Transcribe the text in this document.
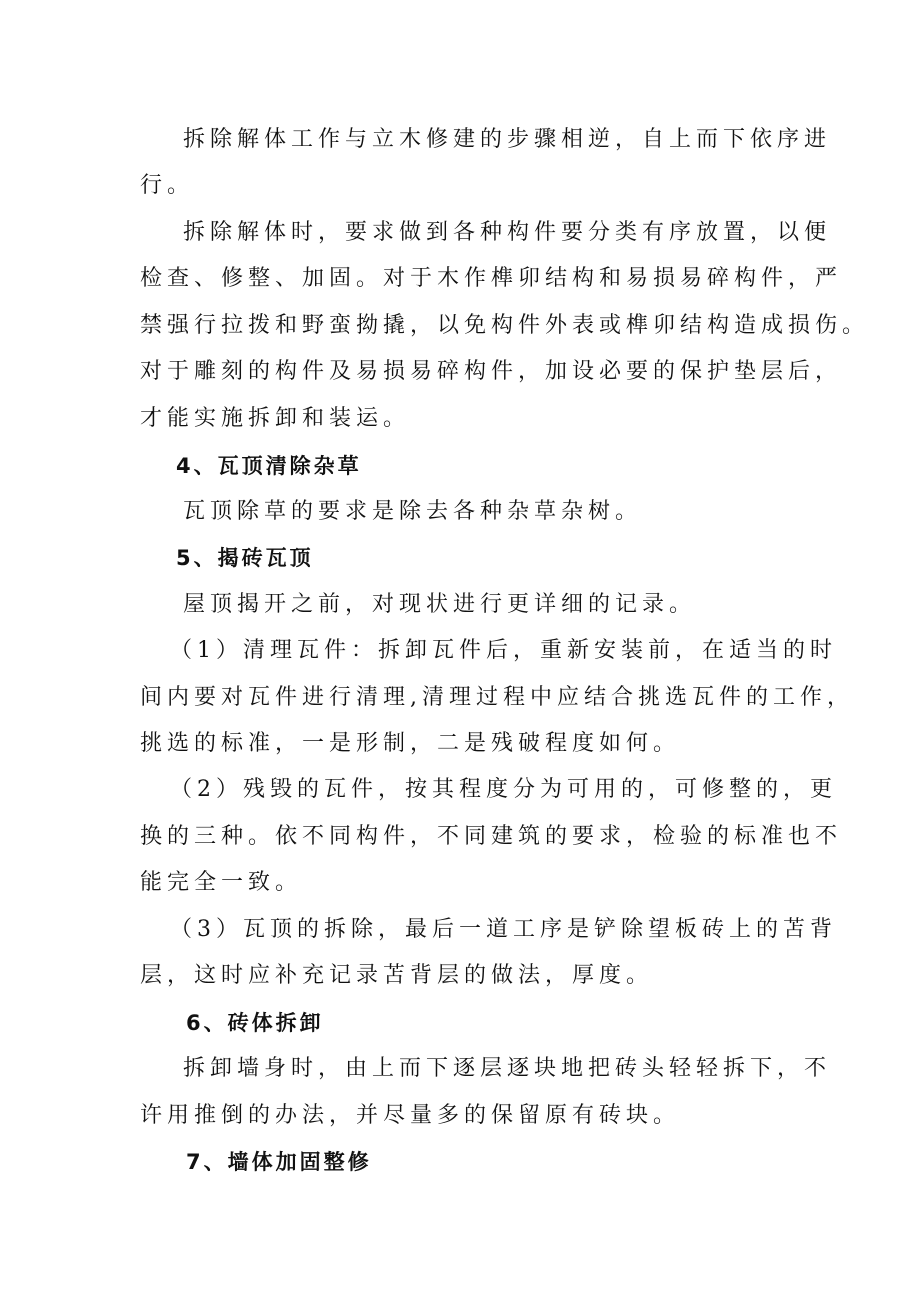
拆除解体工作与立木修建的步骤相逆，自上而下依序进
行。
拆除解体时，要求做到各种构件要分类有序放置，以便
检查、修整、加固。对于木作榫卯结构和易损易碎构件，严
禁强行拉拨和野蛮拗撬，以免构件外表或榫卯结构造成损伤。
对于雕刻的构件及易损易碎构件，加设必要的保护垫层后，
才能实施拆卸和装运。
4、瓦顶清除杂草
瓦顶除草的要求是除去各种杂草杂树。
5、揭砖瓦顶
屋顶揭开之前，对现状进行更详细的记录。
（1）清理瓦件：拆卸瓦件后，重新安装前，在适当的时
间内要对瓦件进行清理,清理过程中应结合挑选瓦件的工作，
挑选的标准，一是形制，二是残破程度如何。
（2）残毁的瓦件，按其程度分为可用的，可修整的，更
换的三种。依不同构件，不同建筑的要求，检验的标准也不
能完全一致。
（3）瓦顶的拆除，最后一道工序是铲除望板砖上的苫背
层，这时应补充记录苫背层的做法，厚度。
6、砖体拆卸
拆卸墙身时，由上而下逐层逐块地把砖头轻轻拆下，不
许用推倒的办法，并尽量多的保留原有砖块。
7、墙体加固整修
